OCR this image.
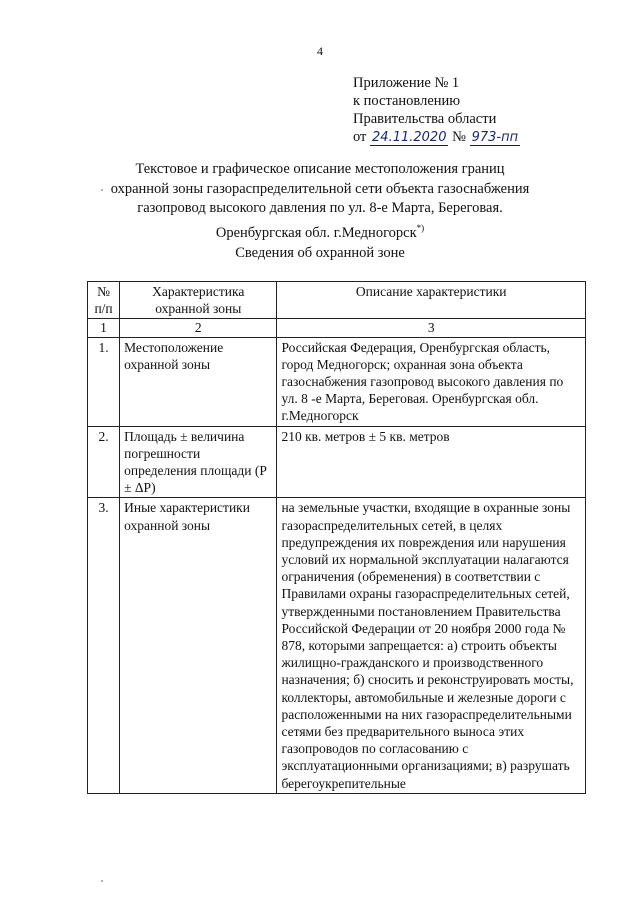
4
Приложение № 1
к постановлению
Правительства области
от 24.11.2020 № 973-пп
Текстовое и графическое описание местоположения границ
охранной зоны газораспределительной сети объекта газоснабжения
газопровод высокого давления по ул. 8-е Марта, Береговая.
Оренбургская обл. г.Медногорск*)
Сведения об охранной зоне
№ п/п	Характеристика охранной зоны	Описание характеристики
1	2	3
1.	Местоположение охранной зоны	Российская Федерация, Оренбургская область, город Медногорск; охранная зона объекта газоснабжения газопровод высокого давления по ул. 8 -е Марта, Береговая. Оренбургская обл. г.Медногорск
2.	Площадь ± величина погрешности определения площади (Р ± ΔР)	210 кв. метров ± 5 кв. метров
3.	Иные характеристики охранной зоны	на земельные участки, входящие в охранные зоны газораспределительных сетей, в целях предупреждения их повреждения или нарушения условий их нормальной эксплуатации налагаются ограничения (обременения) в соответствии с Правилами охраны газораспределительных сетей, утвержденными постановлением Правительства Российской Федерации от 20 ноября 2000 года № 878, которыми запрещается: а) строить объекты жилищно-гражданского и производственного назначения; б) сносить и реконструировать мосты, коллекторы, автомобильные и железные дороги с расположенными на них газораспределительными сетями без предварительного выноса этих газопроводов по согласованию с эксплуатационными организациями; в) разрушать берегоукрепительные
